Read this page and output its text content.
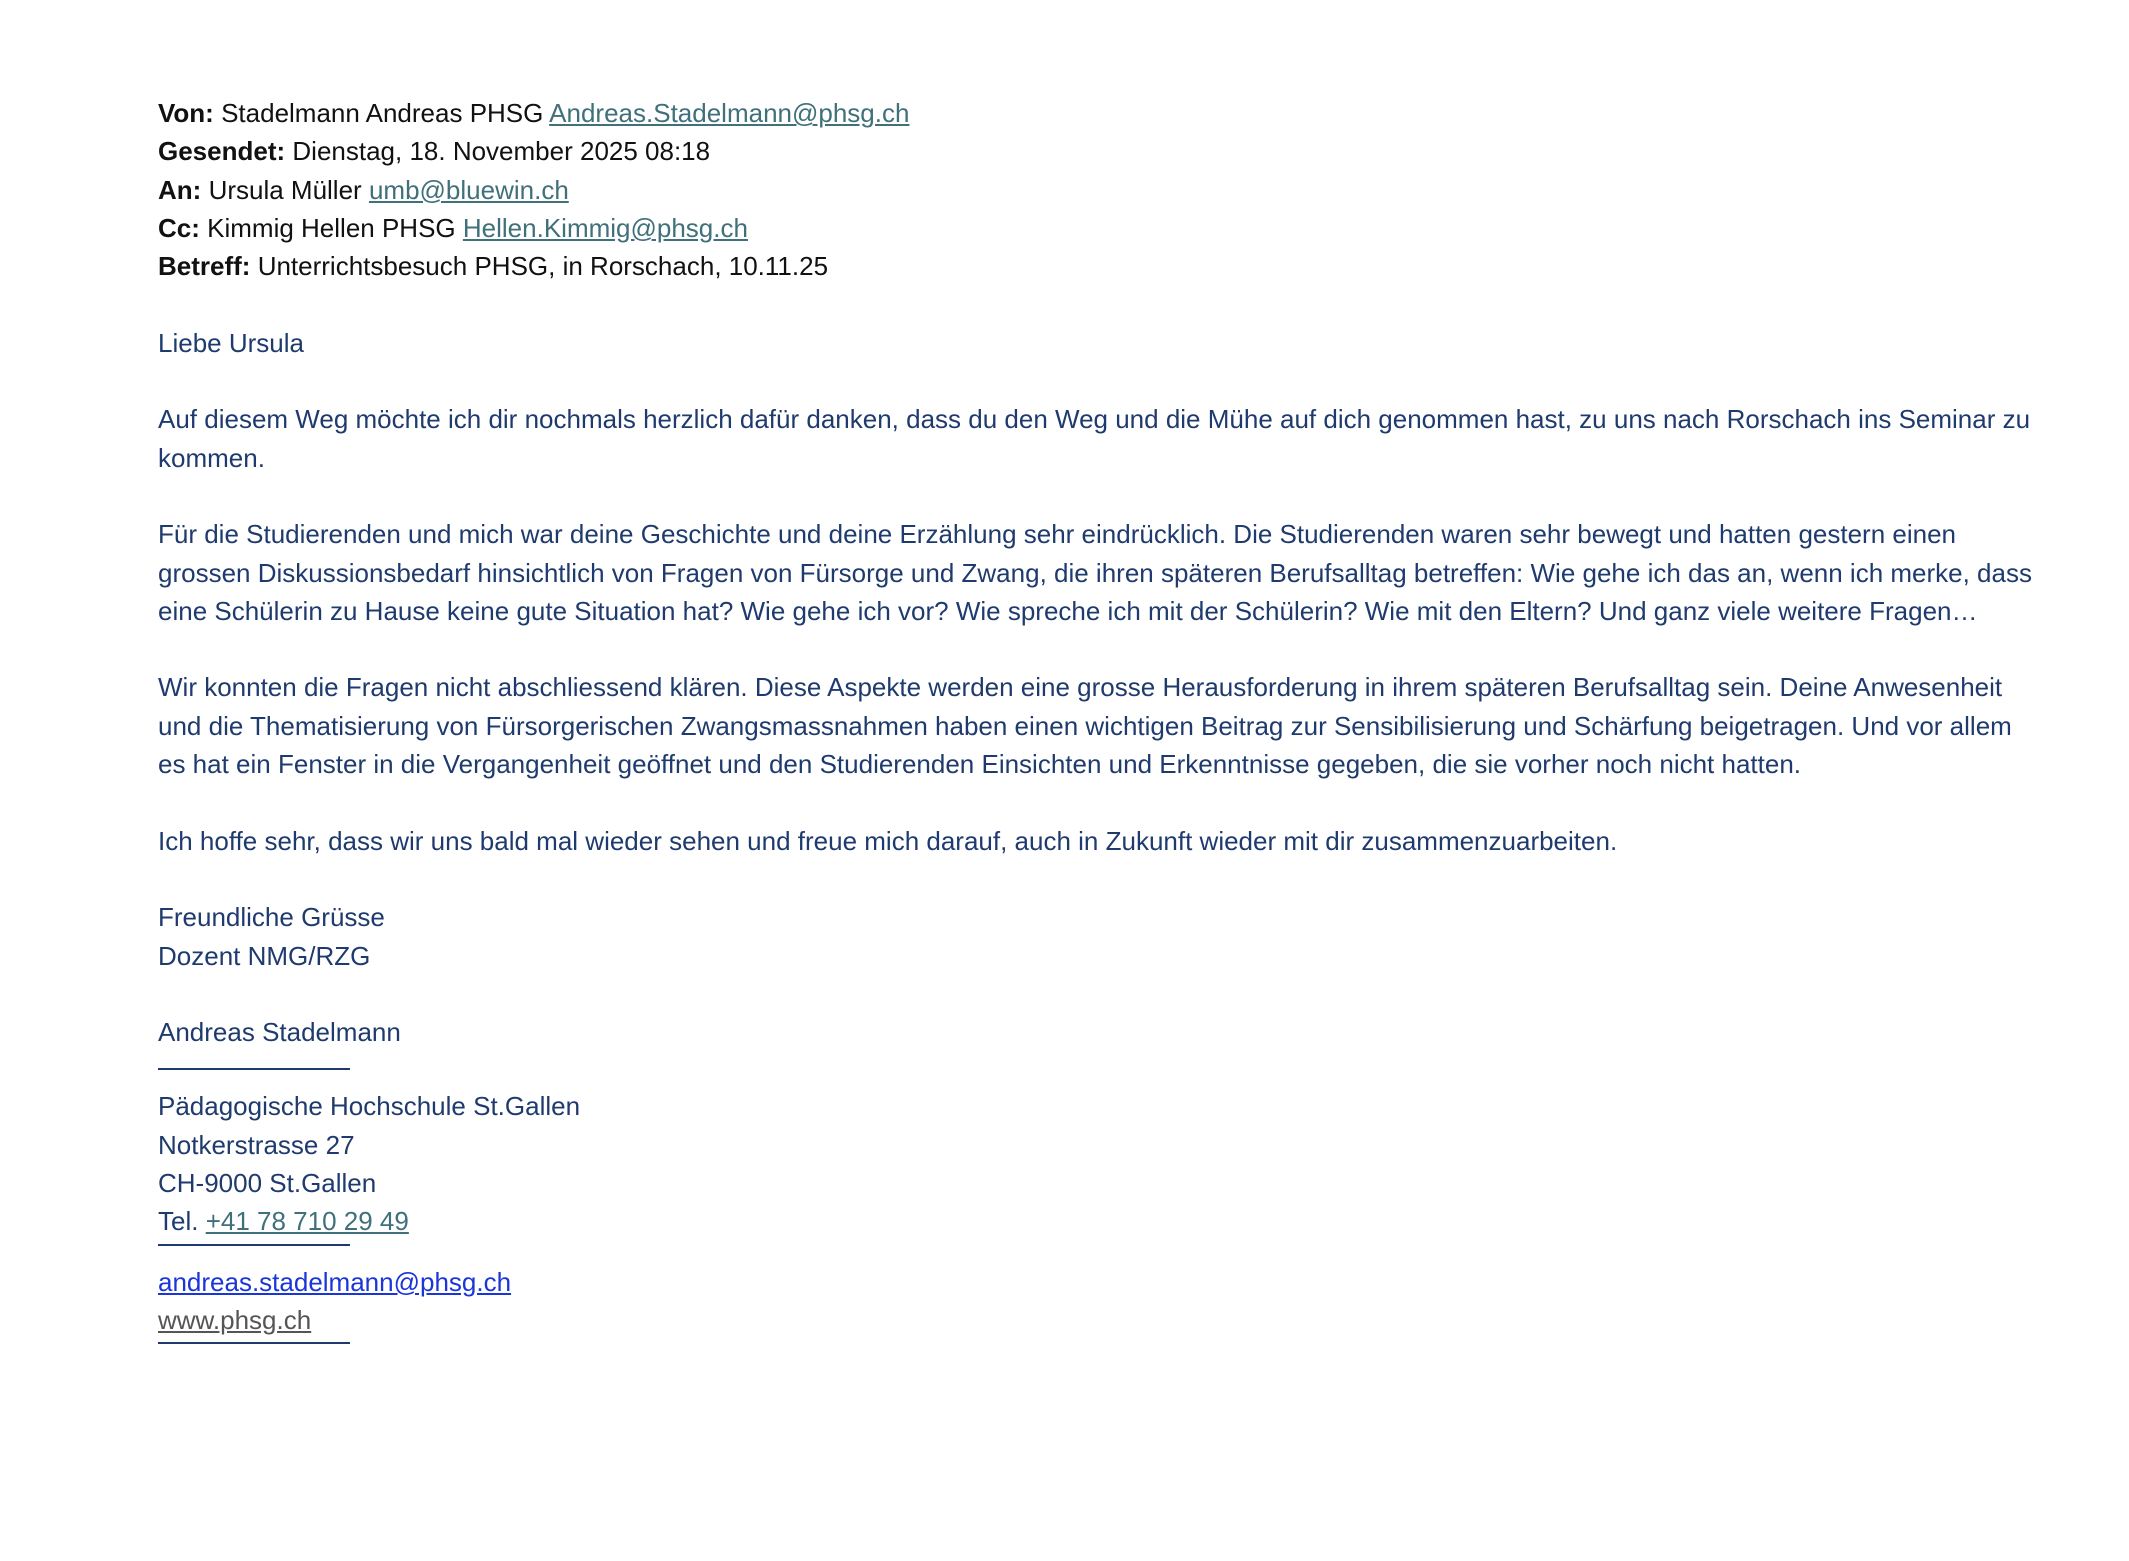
Von: Stadelmann Andreas PHSG Andreas.Stadelmann@phsg.ch
Gesendet: Dienstag, 18. November 2025 08:18
An: Ursula Müller umb@bluewin.ch
Cc: Kimmig Hellen PHSG Hellen.Kimmig@phsg.ch
Betreff: Unterrichtsbesuch PHSG, in Rorschach, 10.11.25

Liebe Ursula

Auf diesem Weg möchte ich dir nochmals herzlich dafür danken, dass du den Weg und die Mühe auf dich genommen hast, zu uns nach Rorschach ins Seminar zu kommen.

Für die Studierenden und mich war deine Geschichte und deine Erzählung sehr eindrücklich. Die Studierenden waren sehr bewegt und hatten gestern einen grossen Diskussionsbedarf hinsichtlich von Fragen von Fürsorge und Zwang, die ihren späteren Berufsalltag betreffen: Wie gehe ich das an, wenn ich merke, dass eine Schülerin zu Hause keine gute Situation hat? Wie gehe ich vor? Wie spreche ich mit der Schülerin? Wie mit den Eltern? Und ganz viele weitere Fragen…

Wir konnten die Fragen nicht abschliessend klären. Diese Aspekte werden eine grosse Herausforderung in ihrem späteren Berufsalltag sein. Deine Anwesenheit und die Thematisierung von Fürsorgerischen Zwangsmassnahmen haben einen wichtigen Beitrag zur Sensibilisierung und Schärfung beigetragen. Und vor allem es hat ein Fenster in die Vergangenheit geöffnet und den Studierenden Einsichten und Erkenntnisse gegeben, die sie vorher noch nicht hatten.

Ich hoffe sehr, dass wir uns bald mal wieder sehen und freue mich darauf, auch in Zukunft wieder mit dir zusammenzuarbeiten.

Freundliche Grüsse

Dozent NMG/RZG

Andreas Stadelmann

Pädagogische Hochschule St.Gallen

Notkerstrasse 27

CH-9000 St.Gallen

Tel. +41 78 710 29 49

andreas.stadelmann@phsg.ch

www.phsg.ch
